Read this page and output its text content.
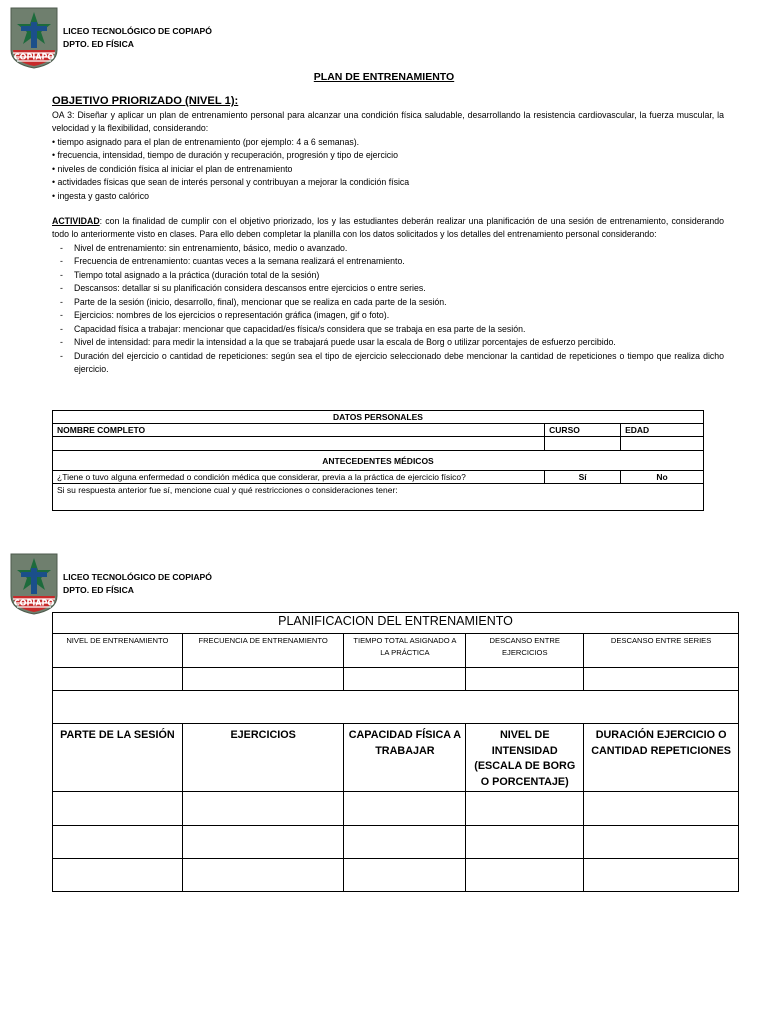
COPIAPO
LICEO TECNOLÓGICO DE COPIAPÓ
DPTO. ED FÍSICA
PLAN DE ENTRENAMIENTO
OBJETIVO PRIORIZADO (NIVEL 1):

OA 3: Diseñar y aplicar un plan de entrenamiento personal para alcanzar una condición física saludable, desarrollando la resistencia cardiovascular, la fuerza muscular, la velocidad y la flexibilidad, considerando:

• tiempo asignado para el plan de entrenamiento (por ejemplo: 4 a 6 semanas).
• frecuencia, intensidad, tiempo de duración y recuperación, progresión y tipo de ejercicio
• niveles de condición física al iniciar el plan de entrenamiento
• actividades físicas que sean de interés personal y contribuyan a mejorar la condición física
• ingesta y gasto calórico

ACTIVIDAD: con la finalidad de cumplir con el objetivo priorizado, los y las estudiantes deberán realizar una planificación de una sesión de entrenamiento, considerando todo lo anteriormente visto en clases. Para ello deben completar la planilla con los datos solicitados y los detalles del entrenamiento personal considerando:

- Nivel de entrenamiento: sin entrenamiento, básico, medio o avanzado.
- Frecuencia de entrenamiento: cuantas veces a la semana realizará el entrenamiento.
- Tiempo total asignado a la práctica (duración total de la sesión)
- Descansos: detallar si su planificación considera descansos entre ejercicios o entre series.
- Parte de la sesión (inicio, desarrollo, final), mencionar que se realiza en cada parte de la sesión.
- Ejercicios: nombres de los ejercicios o representación gráfica (imagen, gif o foto).
- Capacidad física a trabajar: mencionar que capacidad/es física/s considera que se trabaja en esa parte de la sesión.
- Nivel de intensidad: para medir la intensidad a la que se trabajará puede usar la escala de Borg o utilizar porcentajes de esfuerzo percibido.
- Duración del ejercicio o cantidad de repeticiones: según sea el tipo de ejercicio seleccionado debe mencionar la cantidad de repeticiones o tiempo que realiza dicho ejercicio.
DATOS PERSONALES		
NOMBRE COMPLETO	CURSO	EDAD

ANTECEDENTES MÉDICOS		
¿Tiene o tuvo alguna enfermedad o condición médica que considerar, previa a la práctica de ejercicio físico?	Sí	No
Si su respuesta anterior fue sí, mencione cual y qué restricciones o consideraciones tener:		
COPIAPO
LICEO TECNOLÓGICO DE COPIAPÓ
DPTO. ED FÍSICA
PLANIFICACION DEL ENTRENAMIENTO				
NIVEL DE ENTRENAMIENTO	FRECUENCIA DE ENTRENAMIENTO	TIEMPO TOTAL ASIGNADO A LA PRÁCTICA	DESCANSO ENTRE EJERCICIOS	DESCANSO ENTRE SERIES

PARTE DE LA SESIÓN	EJERCICIOS	CAPACIDAD FÍSICA A TRABAJAR	NIVEL DE INTENSIDAD (ESCALA DE BORG O PORCENTAJE)	DURACIÓN EJERCICIO O CANTIDAD REPETICIONES
